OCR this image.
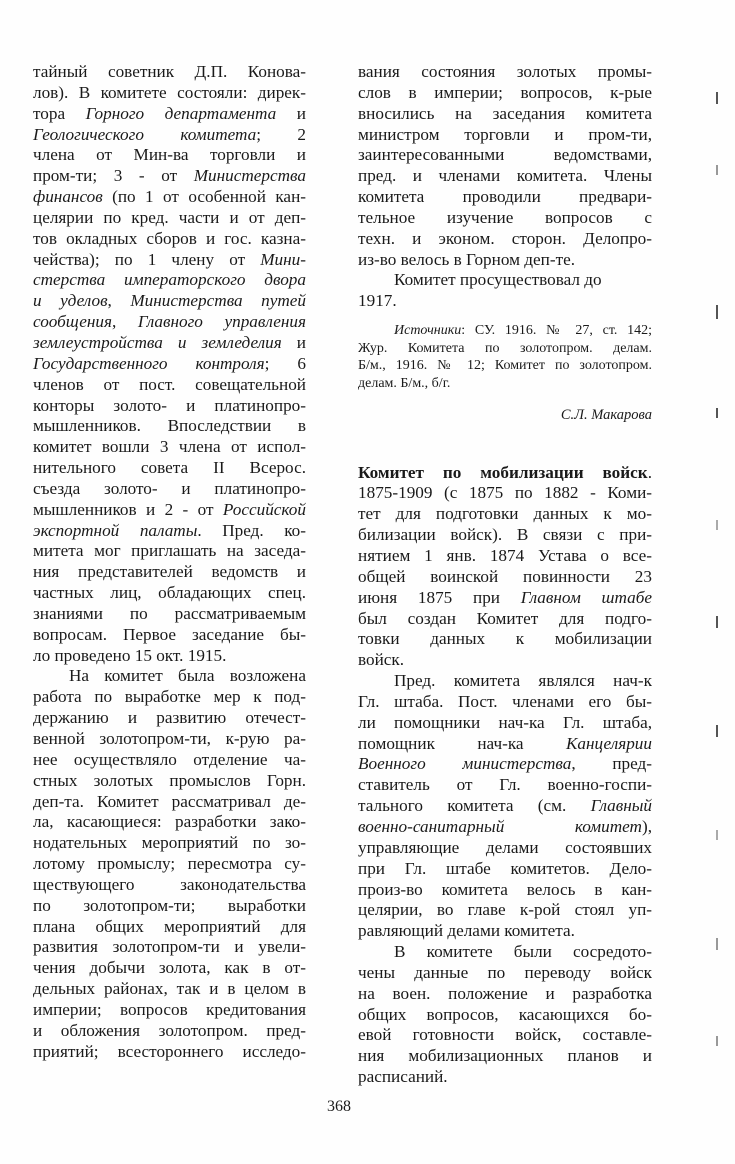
тайный советник Д.П. Конова-
лов). В комитете состояли: дирек-
тора Горного департамента и
Геологического комитета; 2
члена от Мин-ва торговли и
пром-ти; 3 - от Министерства
финансов (по 1 от особенной кан-
целярии по кред. части и от деп-
тов окладных сборов и гос. казна-
чейства); по 1 члену от Мини-
стерства императорского двора
и уделов, Министерства путей
сообщения, Главного управления
землеустройства и земледелия и
Государственного контроля; 6
членов от пост. совещательной
конторы золото- и платинопро-
мышленников. Впоследствии в
комитет вошли 3 члена от испол-
нительного совета II Всерос.
съезда золото- и платинопро-
мышленников и 2 - от Российской
экспортной палаты. Пред. ко-
митета мог приглашать на заседа-
ния представителей ведомств и
частных лиц, обладающих спец.
знаниями по рассматриваемым
вопросам. Первое заседание бы-
ло проведено 15 окт. 1915.
На комитет была возложена
работа по выработке мер к под-
держанию и развитию отечест-
венной золотопром-ти, к-рую ра-
нее осуществляло отделение ча-
стных золотых промыслов Горн.
деп-та. Комитет рассматривал де-
ла, касающиеся: разработки зако-
нодательных мероприятий по зо-
лотому промыслу; пересмотра су-
ществующего законодательства
по золотопром-ти; выработки
плана общих мероприятий для
развития золотопром-ти и увели-
чения добычи золота, как в от-
дельных районах, так и в целом в
империи; вопросов кредитования
и обложения золотопром. пред-
приятий; всестороннего исследо-
вания состояния золотых промы-
слов в империи; вопросов, к-рые
вносились на заседания комитета
министром торговли и пром-ти,
заинтересованными ведомствами,
пред. и членами комитета. Члены
комитета проводили предвари-
тельное изучение вопросов с
техн. и эконом. сторон. Делопро-
из-во велось в Горном деп-те.
Комитет просуществовал до
1917.
Источники: СУ. 1916. № 27, ст. 142;
Жур. Комитета по золотопром. делам.
Б/м., 1916. № 12; Комитет по золотопром.
делам. Б/м., б/г.
С.Л. Макарова
Комитет по мобилизации войск.
1875-1909 (с 1875 по 1882 - Коми-
тет для подготовки данных к мо-
билизации войск). В связи с при-
нятием 1 янв. 1874 Устава о все-
общей воинской повинности 23
июня 1875 при Главном штабе
был создан Комитет для подго-
товки данных к мобилизации
войск.
Пред. комитета являлся нач-к
Гл. штаба. Пост. членами его бы-
ли помощники нач-ка Гл. штаба,
помощник нач-ка Канцелярии
Военного министерства, пред-
ставитель от Гл. военно-госпи-
тального комитета (см. Главный
военно-санитарный комитет),
управляющие делами состоявших
при Гл. штабе комитетов. Дело-
произ-во комитета велось в кан-
целярии, во главе к-рой стоял уп-
равляющий делами комитета.
В комитете были сосредото-
чены данные по переводу войск
на воен. положение и разработка
общих вопросов, касающихся бо-
евой готовности войск, составле-
ния мобилизационных планов и
расписаний.
368
